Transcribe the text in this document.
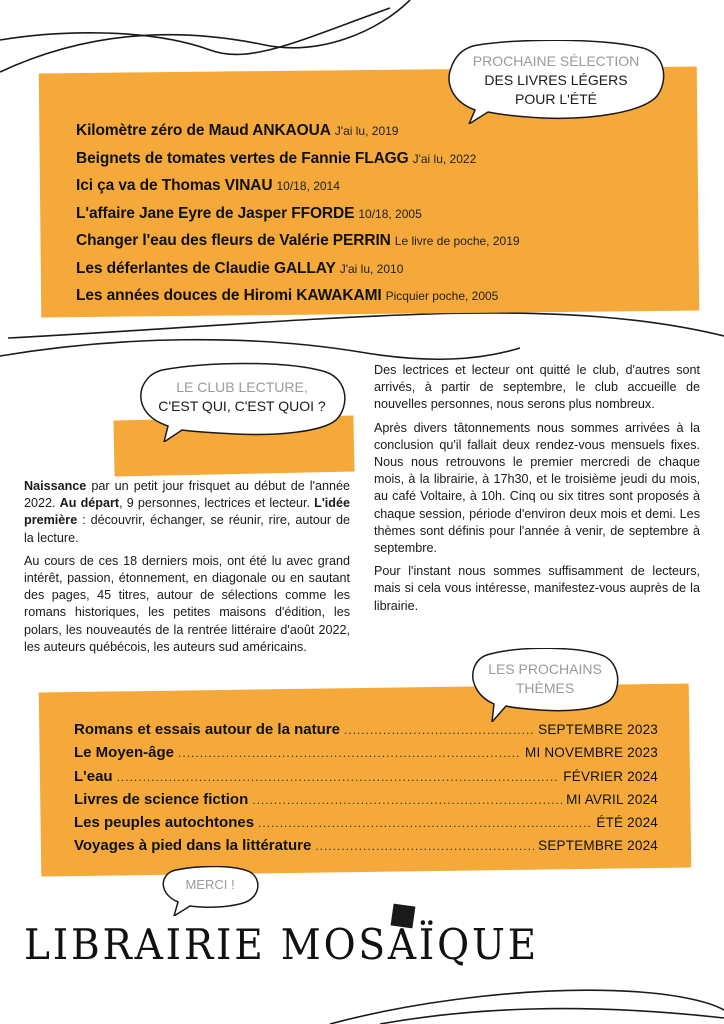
PROCHAINE SÉLECTION
DES LIVRES LÉGERS
POUR L'ÉTÉ
Kilomètre zéro de Maud ANKAOUA J'ai lu, 2019
Beignets de tomates vertes de Fannie FLAGG J'ai lu, 2022
Ici ça va de Thomas VINAU 10/18, 2014
L'affaire Jane Eyre de Jasper FFORDE 10/18, 2005
Changer l'eau des fleurs de Valérie PERRIN Le livre de poche, 2019
Les déferlantes de Claudie GALLAY J'ai lu, 2010
Les années douces de Hiromi KAWAKAMI Picquier poche, 2005
LE CLUB LECTURE,
C'EST QUI, C'EST QUOI ?

Naissance par un petit jour frisquet au début de l'année 2022. Au départ, 9 personnes, lectrices et lecteur. L'idée première : découvrir, échanger, se réunir, rire, autour de la lecture.

Au cours de ces 18 derniers mois, ont été lu avec grand intérêt, passion, étonnement, en diagonale ou en sautant des pages, 45 titres, autour de sélections comme les romans historiques, les petites maisons d'édition, les polars, les nouveautés de la rentrée littéraire d'août 2022, les auteurs québécois, les auteurs sud américains.

Des lectrices et lecteur ont quitté le club, d'autres sont arrivés, à partir de septembre, le club accueille de nouvelles personnes, nous serons plus nombreux.

Après divers tâtonnements nous sommes arrivées à la conclusion qu'il fallait deux rendez-vous mensuels fixes. Nous nous retrouvons le premier mercredi de chaque mois, à la librairie, à 17h30, et le troisième jeudi du mois, au café Voltaire, à 10h. Cinq ou six titres sont proposés à chaque session, période d'environ deux mois et demi. Les thèmes sont définis pour l'année à venir, de septembre à septembre.

Pour l'instant nous sommes suffisamment de lecteurs, mais si cela vous intéresse, manifestez-vous auprès de la librairie.

LES PROCHAINS
THÈMES
Romans et essais autour de la nature .....	SEPTEMBRE 2023
Le Moyen-âge .....	MI NOVEMBRE 2023
L'eau .....	FÉVRIER 2024
Livres de science fiction .....	MI AVRIL 2024
Les peuples autochtones .....	ÉTÉ 2024
Voyages à pied dans la littérature .....	SEPTEMBRE 2024
MERCI !
LIBRAIRIE MOSAÏQUE
